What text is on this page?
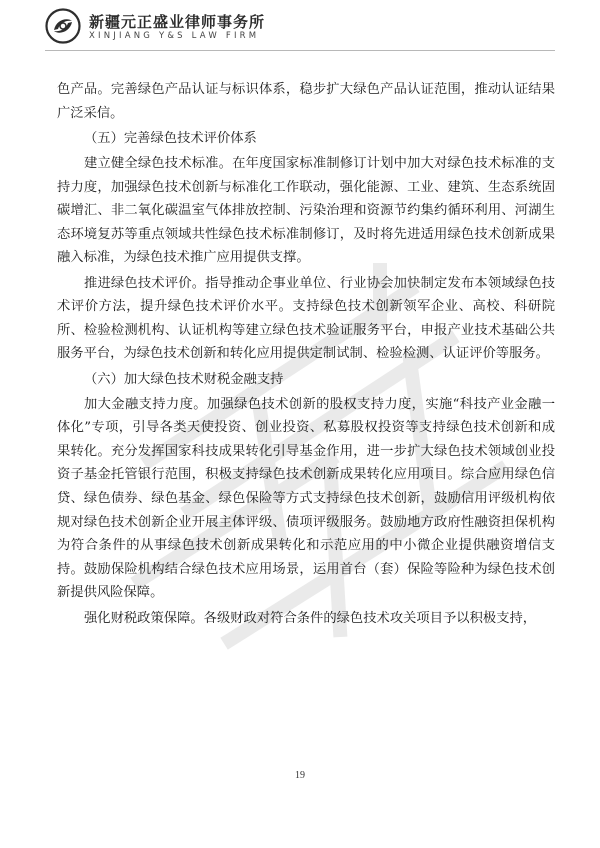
新疆元正盛业律师事务所
XINJIANG Y&S LAW FIRM

色产品。完善绿色产品认证与标识体系，稳步扩大绿色产品认证范围，推动认证结果广泛采信。

（五）完善绿色技术评价体系

建立健全绿色技术标准。在年度国家标准制修订计划中加大对绿色技术标准的支持力度，加强绿色技术创新与标准化工作联动，强化能源、工业、建筑、生态系统固碳增汇、非二氧化碳温室气体排放控制、污染治理和资源节约集约循环利用、河湖生态环境复苏等重点领域共性绿色技术标准制修订，及时将先进适用绿色技术创新成果融入标准，为绿色技术推广应用提供支撑。

推进绿色技术评价。指导推动企事业单位、行业协会加快制定发布本领域绿色技术评价方法，提升绿色技术评价水平。支持绿色技术创新领军企业、高校、科研院所、检验检测机构、认证机构等建立绿色技术验证服务平台，申报产业技术基础公共服务平台，为绿色技术创新和转化应用提供定制试制、检验检测、认证评价等服务。

（六）加大绿色技术财税金融支持

加大金融支持力度。加强绿色技术创新的股权支持力度，实施“科技产业金融一体化”专项，引导各类天使投资、创业投资、私募股权投资等支持绿色技术创新和成果转化。充分发挥国家科技成果转化引导基金作用，进一步扩大绿色技术领域创业投资子基金托管银行范围，积极支持绿色技术创新成果转化应用项目。综合应用绿色信贷、绿色债券、绿色基金、绿色保险等方式支持绿色技术创新，鼓励信用评级机构依规对绿色技术创新企业开展主体评级、债项评级服务。鼓励地方政府性融资担保机构为符合条件的从事绿色技术创新成果转化和示范应用的中小微企业提供融资增信支持。鼓励保险机构结合绿色技术应用场景，运用首台（套）保险等险种为绿色技术创新提供风险保障。

强化财税政策保障。各级财政对符合条件的绿色技术攻关项目予以积极支持，

19
